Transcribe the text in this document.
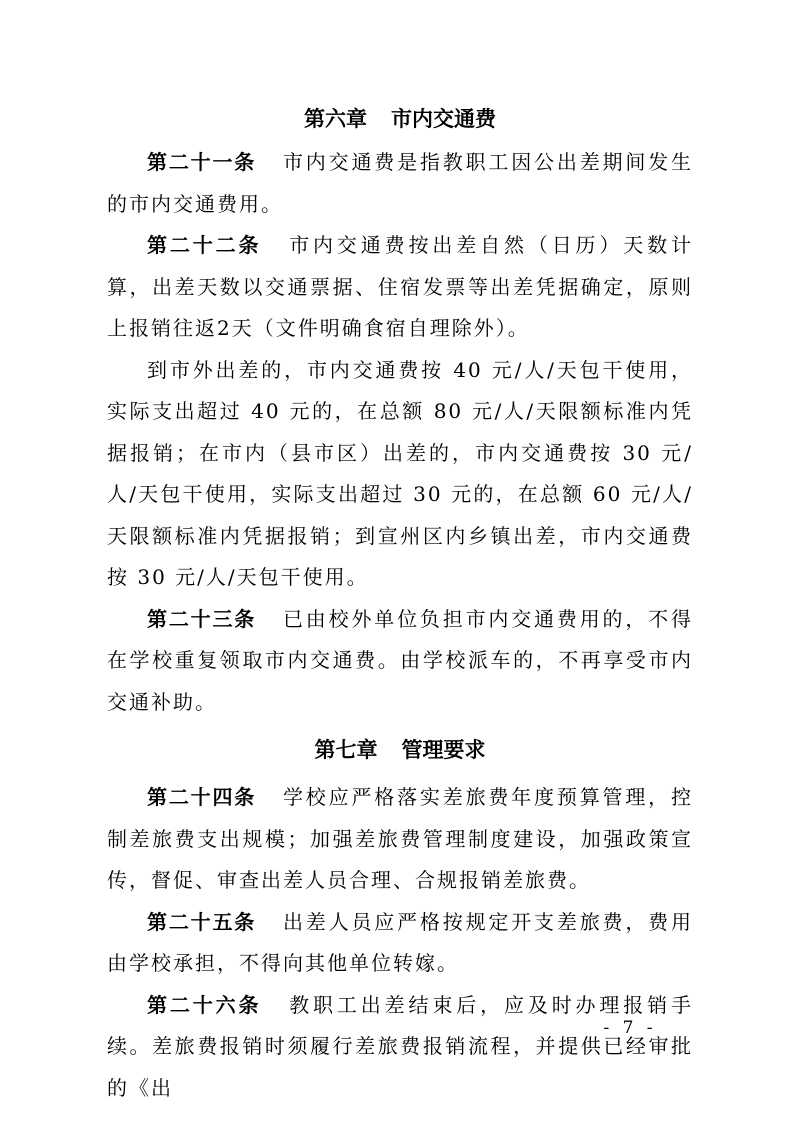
第六章 市内交通费

第二十一条 市内交通费是指教职工因公出差期间发生的市内交通费用。

第二十二条 市内交通费按出差自然（日历）天数计算，出差天数以交通票据、住宿发票等出差凭据确定，原则上报销往返2天（文件明确食宿自理除外）。

到市外出差的，市内交通费按 40 元/人/天包干使用，实际支出超过 40 元的，在总额 80 元/人/天限额标准内凭据报销；在市内（县市区）出差的，市内交通费按 30 元/人/天包干使用，实际支出超过 30 元的，在总额 60 元/人/天限额标准内凭据报销；到宣州区内乡镇出差，市内交通费按 30 元/人/天包干使用。

第二十三条 已由校外单位负担市内交通费用的，不得在学校重复领取市内交通费。由学校派车的，不再享受市内交通补助。

第七章 管理要求

第二十四条 学校应严格落实差旅费年度预算管理，控制差旅费支出规模；加强差旅费管理制度建设，加强政策宣传，督促、审查出差人员合理、合规报销差旅费。

第二十五条 出差人员应严格按规定开支差旅费，费用由学校承担，不得向其他单位转嫁。

第二十六条 教职工出差结束后，应及时办理报销手续。差旅费报销时须履行差旅费报销流程，并提供已经审批的《出

- 7 -
